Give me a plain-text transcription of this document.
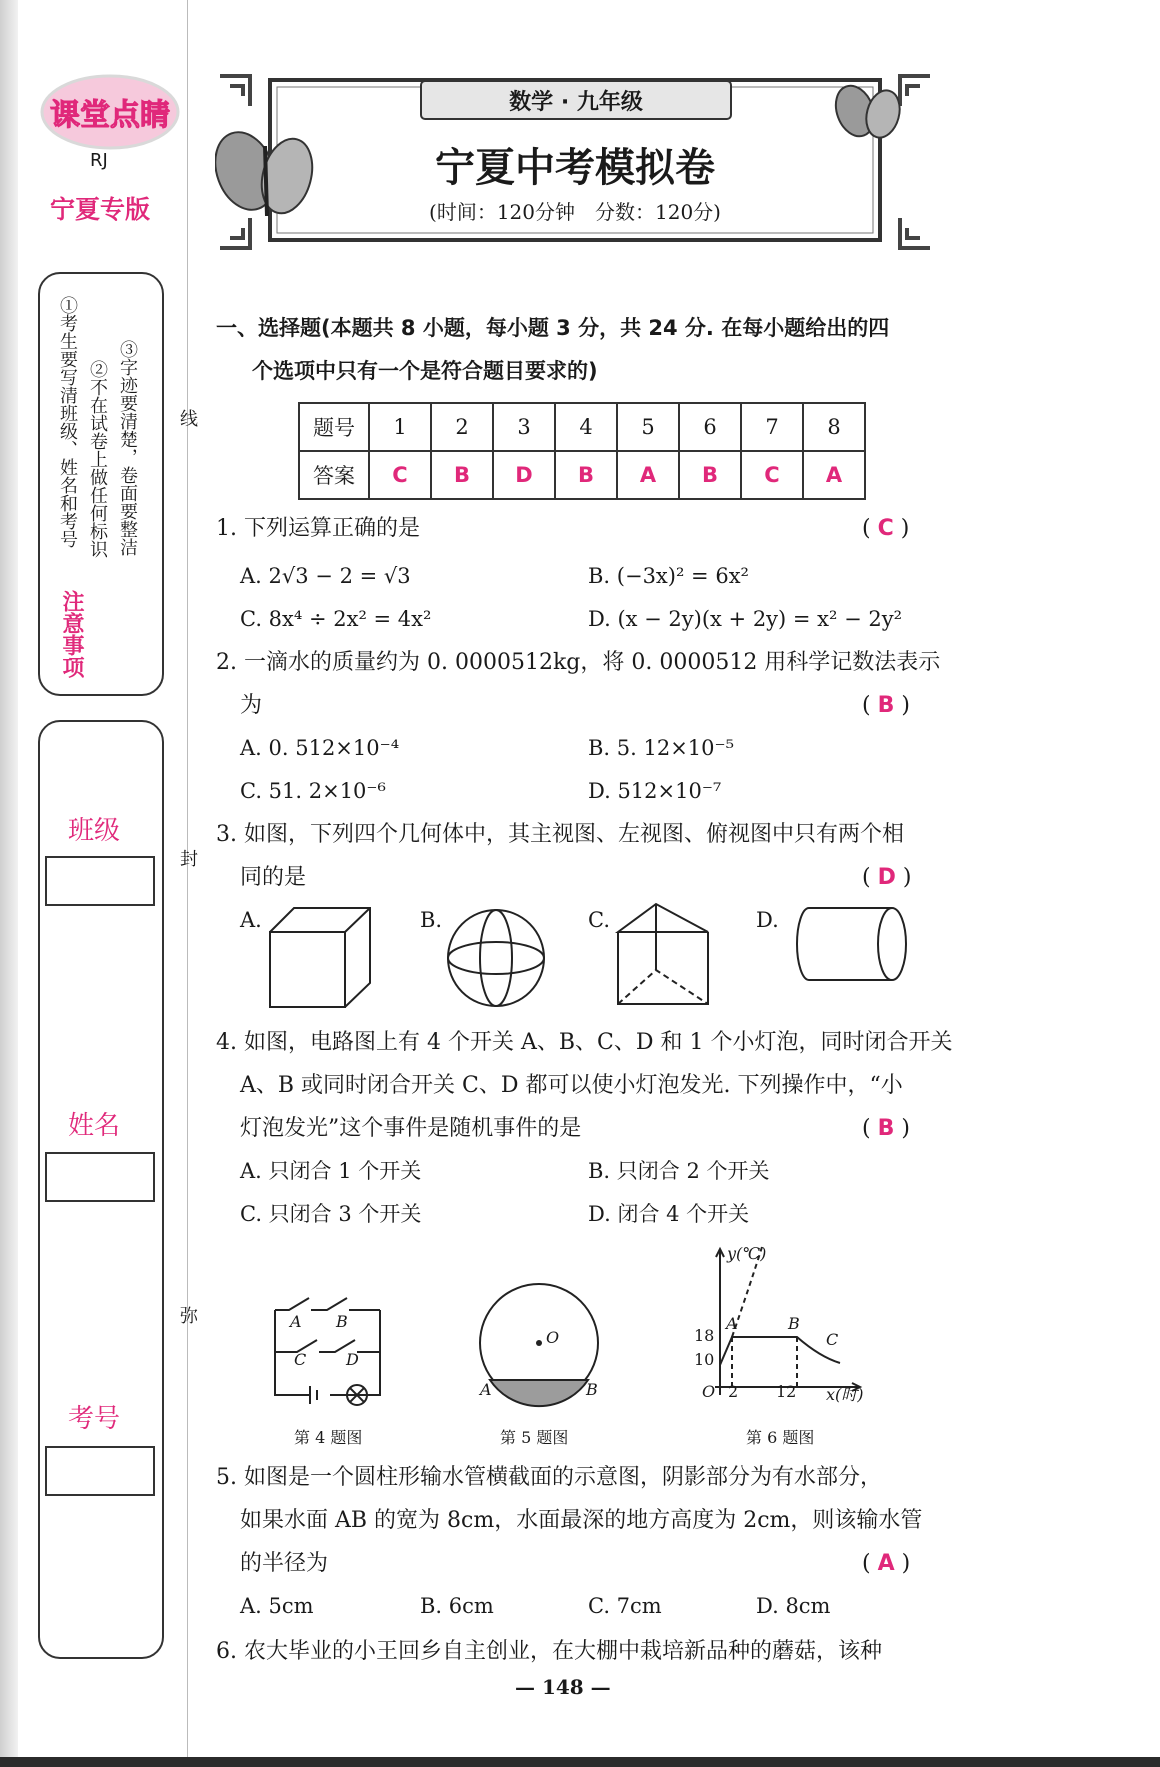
课堂点睛
RJ
宁夏专版
注意事项
①考生要写清班级、姓名和考号 ②不在试卷上做任何标识 ③字迹要清楚，卷面要整洁
班级
姓名
考号
线
封
弥
数学 · 九年级
宁夏中考模拟卷
(时间：120分钟　分数：120分)
一、选择题(本题共 8 小题，每小题 3 分，共 24 分. 在每小题给出的四
个选项中只有一个是符合题目要求的)
题号	1	2	3	4	5	6	7	8
答案	C	B	D	B	A	B	C	A
1. 下列运算正确的是	( C )
A. 2√3 − 2 = √3	B. (−3x)² = 6x²
C. 8x⁴ ÷ 2x² = 4x²	D. (x − 2y)(x + 2y) = x² − 2y²
2. 一滴水的质量约为 0. 0000512kg，将 0. 0000512 用科学记数法表示
为	( B )
A. 0. 512×10⁻⁴	B. 5. 12×10⁻⁵
C. 51. 2×10⁻⁶	D. 512×10⁻⁷
3. 如图，下列四个几何体中，其主视图、左视图、俯视图中只有两个相
同的是	( D )
A.	B.	C.	D.
4. 如图，电路图上有 4 个开关 A、B、C、D 和 1 个小灯泡，同时闭合开关
A、B 或同时闭合开关 C、D 都可以使小灯泡发光. 下列操作中，“小
灯泡发光”这个事件是随机事件的是	( B )
A. 只闭合 1 个开关	B. 只闭合 2 个开关
C. 只闭合 3 个开关	D. 闭合 4 个开关
A B
C D
第 4 题图
O
A	B
第 5 题图
y(℃)
x(时)
O
18
10
2 12
A	B
C
第 6 题图
5. 如图是一个圆柱形输水管横截面的示意图，阴影部分为有水部分，
如果水面 AB 的宽为 8cm，水面最深的地方高度为 2cm，则该输水管
的半径为	( A )
A. 5cm	B. 6cm	C. 7cm	D. 8cm
6. 农大毕业的小王回乡自主创业，在大棚中栽培新品种的蘑菇，该种
— 148 —
